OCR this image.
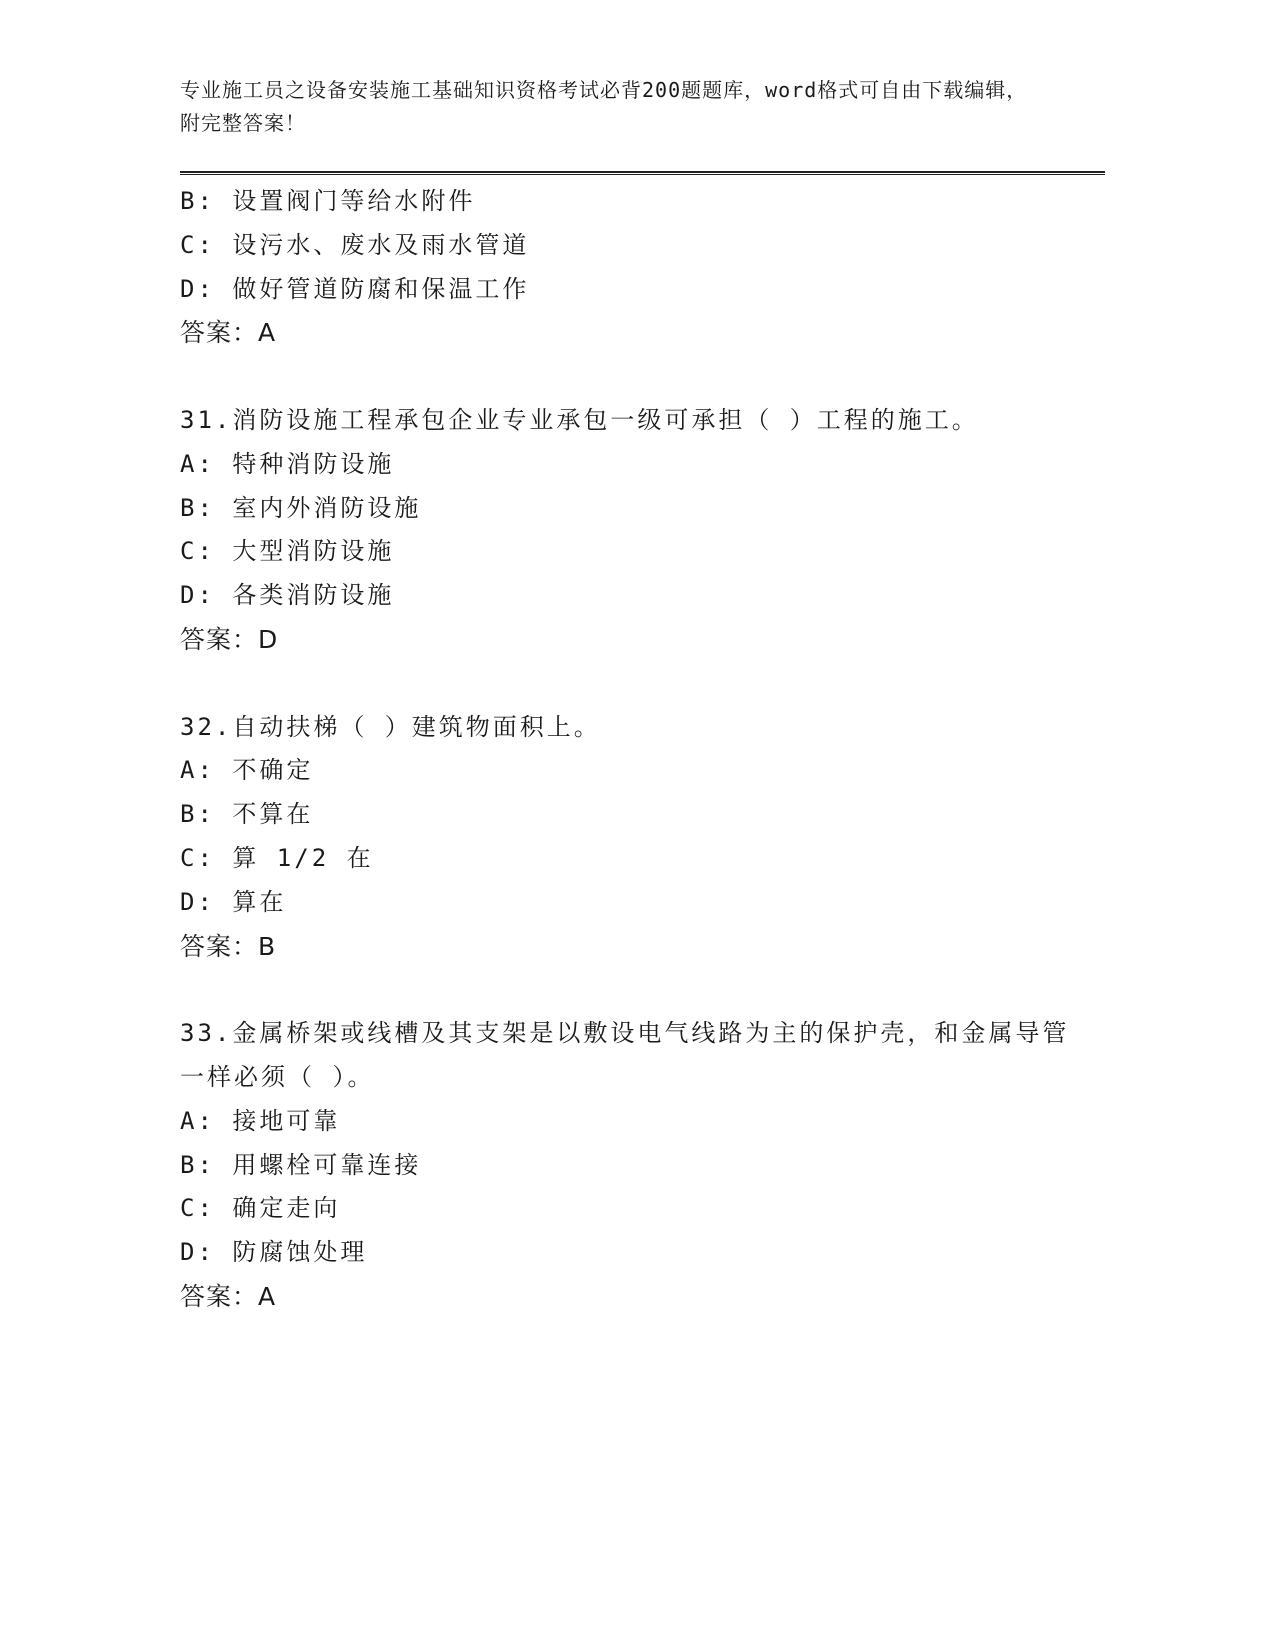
专业施工员之设备安装施工基础知识资格考试必背200题题库，word格式可自由下载编辑，附完整答案！
B: 设置阀门等给水附件
C: 设污水、废水及雨水管道
D: 做好管道防腐和保温工作
答案：A
31.消防设施工程承包企业专业承包一级可承担（ ）工程的施工。
A: 特种消防设施
B: 室内外消防设施
C: 大型消防设施
D: 各类消防设施
答案：D
32.自动扶梯（ ）建筑物面积上。
A: 不确定
B: 不算在
C: 算 1/2 在
D: 算在
答案：B
33.金属桥架或线槽及其支架是以敷设电气线路为主的保护壳，和金属导管一样必须（ ）。
A: 接地可靠
B: 用螺栓可靠连接
C: 确定走向
D: 防腐蚀处理
答案：A
